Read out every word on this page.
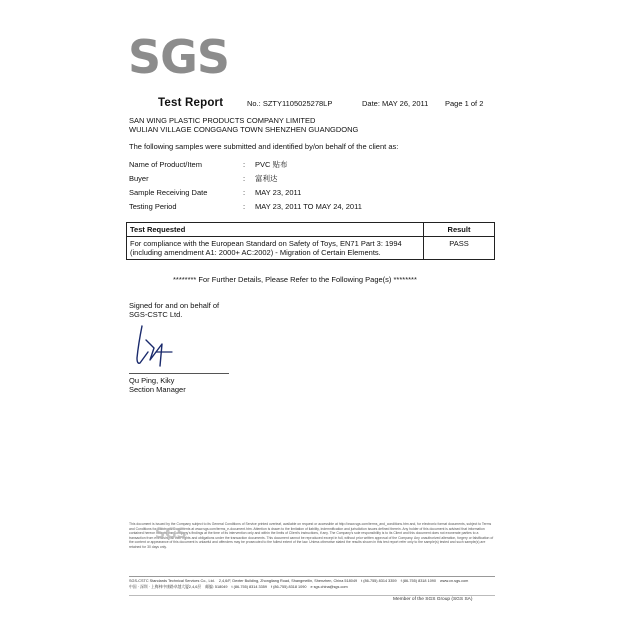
SGS
Test Report	No.: SZTY1105025278LP	Date: MAY 26, 2011 Page 1 of 2
SAN WING PLASTIC PRODUCTS COMPANY LIMITED
WULIAN VILLAGE CONGGANG TOWN SHENZHEN GUANGDONG
The following samples were submitted and identified by/on behalf of the client as:
Name of Product/Item	: PVC 贴布
Buyer	: 富利达
Sample Receiving Date	: MAY 23, 2011
Testing Period	: MAY 23, 2011 TO MAY 24, 2011
Test Requested	Result

For compliance with the European Standard on Safety of Toys, EN71 Part 3: 1994
(including amendment A1: 2000+ AC:2002) - Migration of Certain Elements.	PASS
******** For Further Details, Please Refer to the Following Page(s) ********
Signed for and on behalf of
SGS-CSTC Ltd.
Qu Ping, Kiky
Section Manager
This document is issued by the Company subject to its General Conditions of Service printed overleaf, available on request or accessible at http://www.sgs.com/terms_and_conditions.htm and, for electronic format documents, subject to Terms and Conditions for Electronic Documents at www.sgs.com/terms_e-document.htm. Attention is drawn to the limitation of liability, indemnification and jurisdiction issues defined therein. Any holder of this document is advised that information contained hereon reflects the Company's findings at the time of its intervention only and within the limits of Client's instructions, if any. The Company's sole responsibility is to its Client and this document does not exonerate parties to a transaction from exercising all their rights and obligations under the transaction documents. This document cannot be reproduced except in full, without prior written approval of the Company. Any unauthorized alteration, forgery or falsification of the content or appearance of this document is unlawful and offenders may be prosecuted to the fullest extent of the law. Unless otherwise stated the results shown in this test report refer only to the sample(s) tested and such sample(s) are retained for 30 days only.
SGS
SGS-CSTC Standards Technical Services Co., Ltd. 2,4,6/F, Dexter Building, Zhongliang Road, Shangmeilin, Shenzhen, China 518049 t (86-755) 8314 3359 f (86-755) 8318 1090 www.cn.sgs.com
中国 · 深圳 · 上梅林中康路卓越大厦2,4,6层 邮编: 518049 t (86-755) 8314 3359 f (86-755) 8318 1090 e sgs.china@sgs.com
Member of the SGS Group (SGS SA)
